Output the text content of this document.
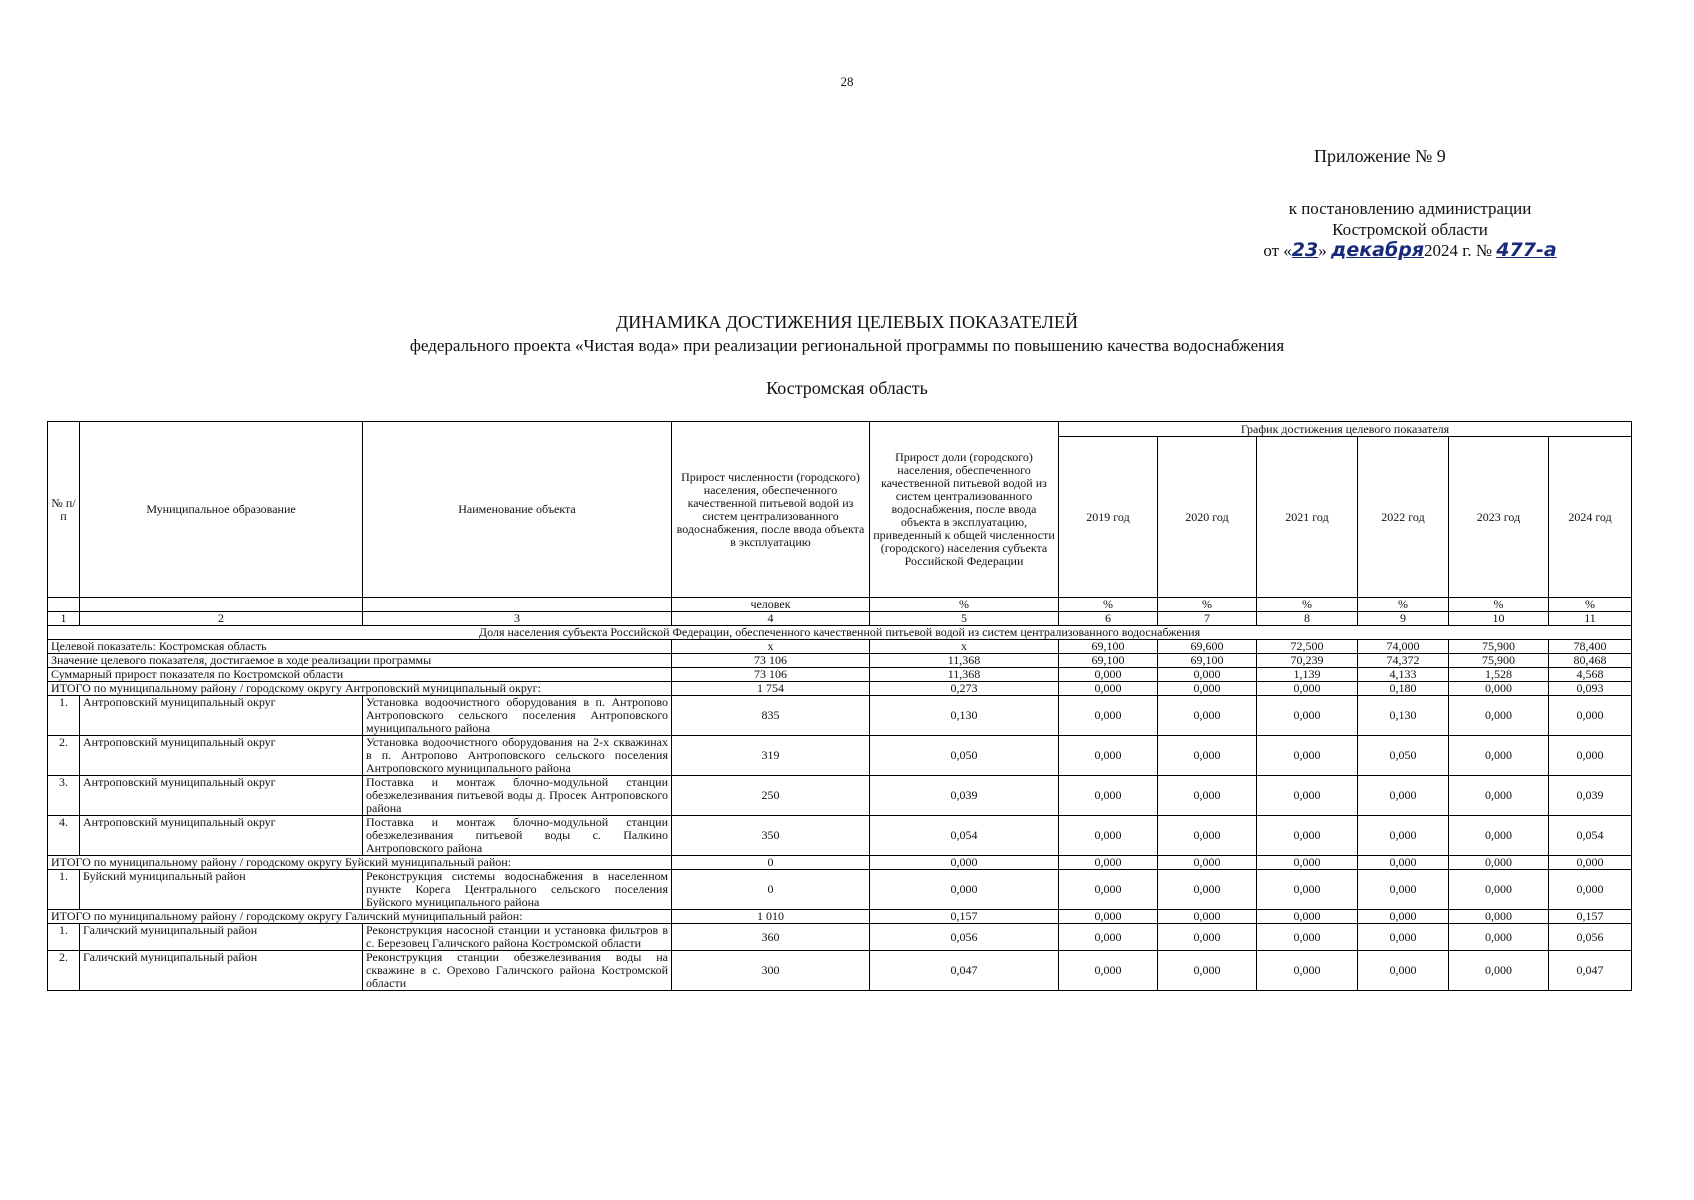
28
Приложение № 9
к постановлению администрации
Костромской области
от «23» декабря2024 г. № 477-а
ДИНАМИКА ДОСТИЖЕНИЯ ЦЕЛЕВЫХ ПОКАЗАТЕЛЕЙ
федерального проекта «Чистая вода» при реализации региональной программы по повышению качества водоснабжения
Костромская область
№ п/п	Муниципальное образование	Наименование объекта	Прирост численности (городского) населения, обеспеченного качественной питьевой водой из систем централизованного водоснабжения, после ввода объекта в эксплуатацию	Прирост доли (городского) населения, обеспеченного качественной питьевой водой из систем централизованного водоснабжения, после ввода объекта в эксплуатацию, приведенный к общей численности (городского) населения субъекта Российской Федерации	График достижения целевого показателя					
					2019 год	2020 год	2021 год	2022 год	2023 год	2024 год
			человек	%	%	%	%	%	%	%
1	2	3	4	5	6	7	8	9	10	11
Доля населения субъекта Российской Федерации, обеспеченного качественной питьевой водой из систем централизованного водоснабжения										
Целевой показатель: Костромская область			х	х	69,100	69,600	72,500	74,000	75,900	78,400
Значение целевого показателя, достигаемое в ходе реализации программы			73 106	11,368	69,100	69,100	70,239	74,372	75,900	80,468
Суммарный прирост показателя по Костромской области			73 106	11,368	0,000	0,000	1,139	4,133	1,528	4,568
ИТОГО по муниципальному району / городскому округу Антроповский муниципальный округ:			1 754	0,273	0,000	0,000	0,000	0,180	0,000	0,093
1.	Антроповский муниципальный округ	Установка водоочистного оборудования в п. Антропово Антроповского сельского поселения Антроповского муниципального района	835	0,130	0,000	0,000	0,000	0,130	0,000	0,000
2.	Антроповский муниципальный округ	Установка водоочистного оборудования на 2-х скважинах в п. Антропово Антроповского сельского поселения Антроповского муниципального района	319	0,050	0,000	0,000	0,000	0,050	0,000	0,000
3.	Антроповский муниципальный округ	Поставка и монтаж блочно-модульной станции обезжелезивания питьевой воды д. Просек Антроповского района	250	0,039	0,000	0,000	0,000	0,000	0,000	0,039
4.	Антроповский муниципальный округ	Поставка и монтаж блочно-модульной станции обезжелезивания питьевой воды с. Палкино Антроповского района	350	0,054	0,000	0,000	0,000	0,000	0,000	0,054
ИТОГО по муниципальному району / городскому округу Буйский муниципальный район:			0	0,000	0,000	0,000	0,000	0,000	0,000	0,000
1.	Буйский муниципальный район	Реконструкция системы водоснабжения в населенном пункте Корега Центрального сельского поселения Буйского муниципального района	0	0,000	0,000	0,000	0,000	0,000	0,000	0,000
ИТОГО по муниципальному району / городскому округу Галичский муниципальный район:			1 010	0,157	0,000	0,000	0,000	0,000	0,000	0,157
1.	Галичский муниципальный район	Реконструкция насосной станции и установка фильтров в с. Березовец Галичского района Костромской области	360	0,056	0,000	0,000	0,000	0,000	0,000	0,056
2.	Галичский муниципальный район	Реконструкция станции обезжелезивания воды на скважине в с. Орехово Галичского района Костромской области	300	0,047	0,000	0,000	0,000	0,000	0,000	0,047
